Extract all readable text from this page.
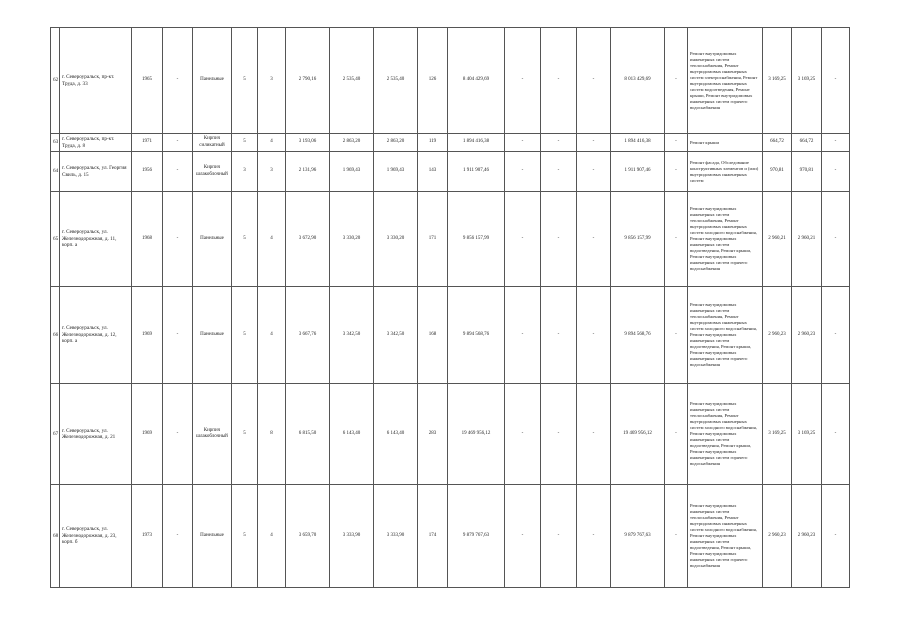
62	г. Североуральск, пр-кт. Труда, д. 33	1965	-	Панельные	5	3	2 790,16	2 535,40	2 535,40	126	8 404 429,69	-	-	-	8 013 429,69	-	Ремонт внутридомовых инженерных систем теплоснабжения, Ремонт внутридомовых инженерных систем электроснабжения, Ремонт внутридомовых инженерных систем водоотведения, Ремонт крыши, Ремонт внутридомовых инженерных систем горячего водоснабжения	3 169,25	3 169,25	-
63	г. Североуральск, пр-кт. Труда, д. 8	1971	-	Кирпич силикатный	5	4	3 193,06	2 863,20	2 863,20	119	1 894 416,38	-	-	-	1 894 416,38	-	Ремонт крыши	664,72	664,72	-
64	г. Североуральск, ул. Георгия Свиль, д. 15	1956	-	Кирпич шлакоблочный	3	3	2 131,96	1 969,43	1 969,43	143	1 911 907,46	-	-	-	1 911 907,46	-	Ремонт фасада, Обследование конструктивных элементов и (или) внутридомовых инженерных систем	970,81	970,81	-
65	г. Североуральск, ул. Железнодорожная, д. 11, корп. а	1968	-	Панельные	5	4	3 672,90	3 330,20	3 330,20	171	9 856 157,99	-	-	-	9 856 157,99	-	Ремонт внутридомовых инженерных систем теплоснабжения, Ремонт внутридомовых инженерных систем холодного водоснабжения, Ремонт внутридомовых инженерных систем водоотведения, Ремонт крыши, Ремонт внутридомовых инженерных систем горячего водоснабжения	2 960,21	2 960,21	-
66	г. Североуральск, ул. Железнодорожная, д. 12, корп. а	1969	-	Панельные	5	4	3 667,76	3 342,50	3 342,50	168	9 894 568,76	-	-	-	9 894 568,76	-	Ремонт внутридомовых инженерных систем теплоснабжения, Ремонт внутридомовых инженерных систем холодного водоснабжения, Ремонт внутридомовых инженерных систем водоотведения, Ремонт крыши, Ремонт внутридомовых инженерных систем горячего водоснабжения	2 960,23	2 960,23	-
67	г. Североуральск, ул. Железнодорожная, д. 21	1969	-	Кирпич шлакоблочный	5	8	6 815,50	6 143,40	6 143,40	283	19 469 956,12	-	-	-	19 469 956,12	-	Ремонт внутридомовых инженерных систем теплоснабжения, Ремонт внутридомовых инженерных систем холодного водоснабжения, Ремонт внутридомовых инженерных систем водоотведения, Ремонт крыши, Ремонт внутридомовых инженерных систем горячего водоснабжения	3 169,25	3 169,25	-
68	г. Североуральск, ул. Железнодорожная, д. 23, корп. б	1973	-	Панельные	5	4	3 659,70	3 333,90	3 333,90	174	9 879 767,63	-	-	-	9 879 767,63	-	Ремонт внутридомовых инженерных систем теплоснабжения, Ремонт внутридомовых инженерных систем холодного водоснабжения, Ремонт внутридомовых инженерных систем водоотведения, Ремонт крыши, Ремонт внутридомовых инженерных систем горячего водоснабжения	2 960,23	2 960,23	-
